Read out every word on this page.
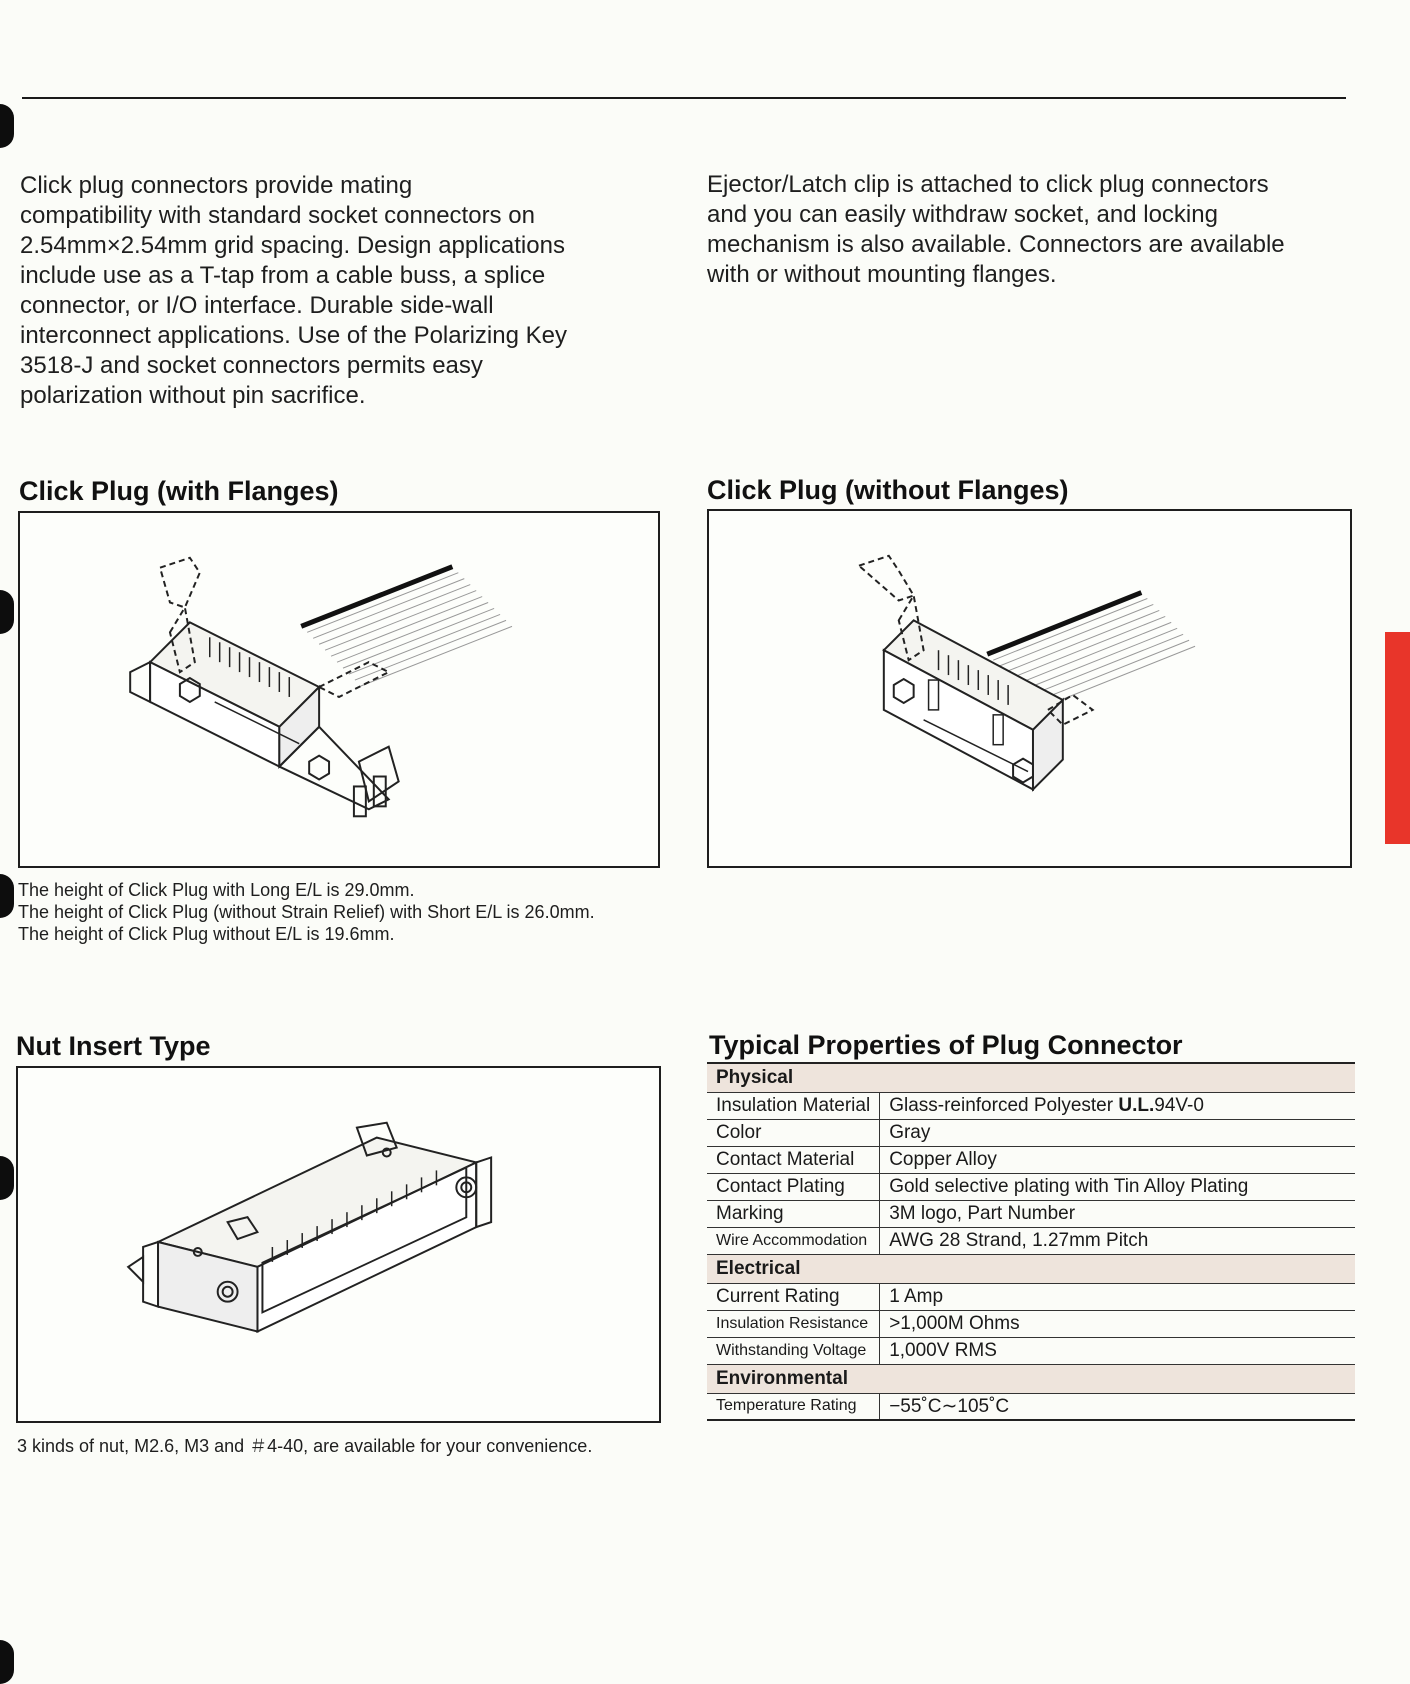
Click plug connectors provide mating
compatibility with standard socket connectors on
2.54mm×2.54mm grid spacing. Design applications
include use as a T-tap from a cable buss, a splice
connector, or I/O interface. Durable side-wall
interconnect applications. Use of the Polarizing Key
3518-J and socket connectors permits easy
polarization without pin sacrifice.

Ejector/Latch clip is attached to click plug connectors
and you can easily withdraw socket, and locking
mechanism is also available. Connectors are available
with or without mounting flanges.

Click Plug (with Flanges)
The height of Click Plug with Long E/L is 29.0mm.
The height of Click Plug (without Strain Relief) with Short E/L is 26.0mm.
The height of Click Plug without E/L is 19.6mm.
Click Plug (without Flanges)
Nut Insert Type
3 kinds of nut, M2.6, M3 and ＃4-40, are available for your convenience.
Typical Properties of Plug Connector
Physical	
Insulation Material	Glass-reinforced Polyester U.L.94V-0
Color	Gray
Contact Material	Copper Alloy
Contact Plating	Gold selective plating with Tin Alloy Plating
Marking	3M logo, Part Number
Wire Accommodation	AWG 28 Strand, 1.27mm Pitch
Electrical	
Current Rating	1 Amp
Insulation Resistance	>1,000M Ohms
Withstanding Voltage	1,000V RMS
Environmental	
Temperature Rating	−55˚C∼105˚C
